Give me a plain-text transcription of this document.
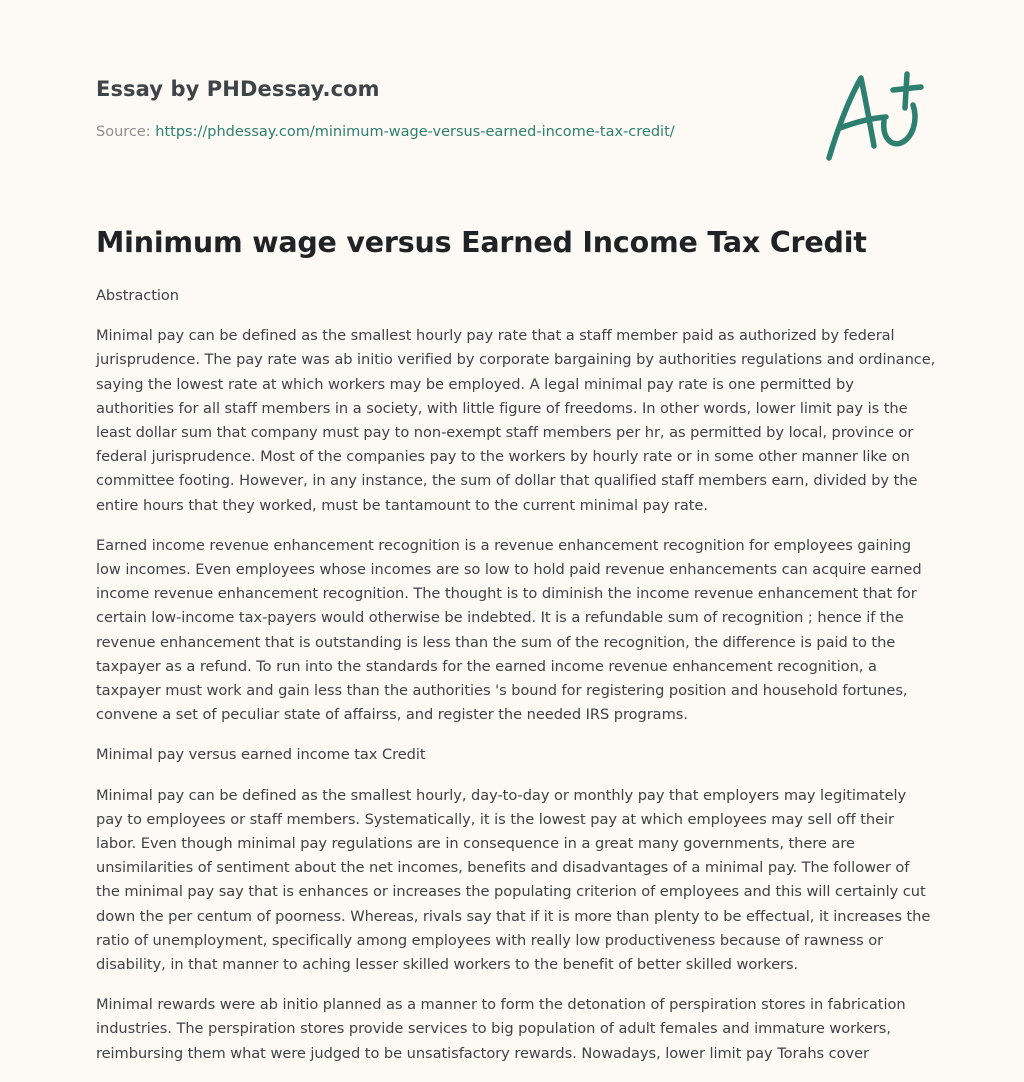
Essay by PHDessay.com
Source: https://phdessay.com/minimum-wage-versus-earned-income-tax-credit/
Minimum wage versus Earned Income Tax Credit

Abstraction

Minimal pay can be defined as the smallest hourly pay rate that a staff member paid as authorized by federal jurisprudence. The pay rate was ab initio verified by corporate bargaining by authorities regulations and ordinance, saying the lowest rate at which workers may be employed. A legal minimal pay rate is one permitted by authorities for all staff members in a society, with little figure of freedoms. In other words, lower limit pay is the least dollar sum that company must pay to non-exempt staff members per hr, as permitted by local, province or federal jurisprudence. Most of the companies pay to the workers by hourly rate or in some other manner like on committee footing. However, in any instance, the sum of dollar that qualified staff members earn, divided by the entire hours that they worked, must be tantamount to the current minimal pay rate.

Earned income revenue enhancement recognition is a revenue enhancement recognition for employees gaining low incomes. Even employees whose incomes are so low to hold paid revenue enhancements can acquire earned income revenue enhancement recognition. The thought is to diminish the income revenue enhancement that for certain low-income tax-payers would otherwise be indebted. It is a refundable sum of recognition ; hence if the revenue enhancement that is outstanding is less than the sum of the recognition, the difference is paid to the taxpayer as a refund. To run into the standards for the earned income revenue enhancement recognition, a taxpayer must work and gain less than the authorities 's bound for registering position and household fortunes, convene a set of peculiar state of affairss, and register the needed IRS programs.

Minimal pay versus earned income tax Credit

Minimal pay can be defined as the smallest hourly, day-to-day or monthly pay that employers may legitimately pay to employees or staff members. Systematically, it is the lowest pay at which employees may sell off their labor. Even though minimal pay regulations are in consequence in a great many governments, there are unsimilarities of sentiment about the net incomes, benefits and disadvantages of a minimal pay. The follower of the minimal pay say that is enhances or increases the populating criterion of employees and this will certainly cut down the per centum of poorness. Whereas, rivals say that if it is more than plenty to be effectual, it increases the ratio of unemployment, specifically among employees with really low productiveness because of rawness or disability, in that manner to aching lesser skilled workers to the benefit of better skilled workers.

Minimal rewards were ab initio planned as a manner to form the detonation of perspiration stores in fabrication industries. The perspiration stores provide services to big population of adult females and immature workers, reimbursing them what were judged to be unsatisfactory rewards. Nowadays, lower limit pay Torahs cover
